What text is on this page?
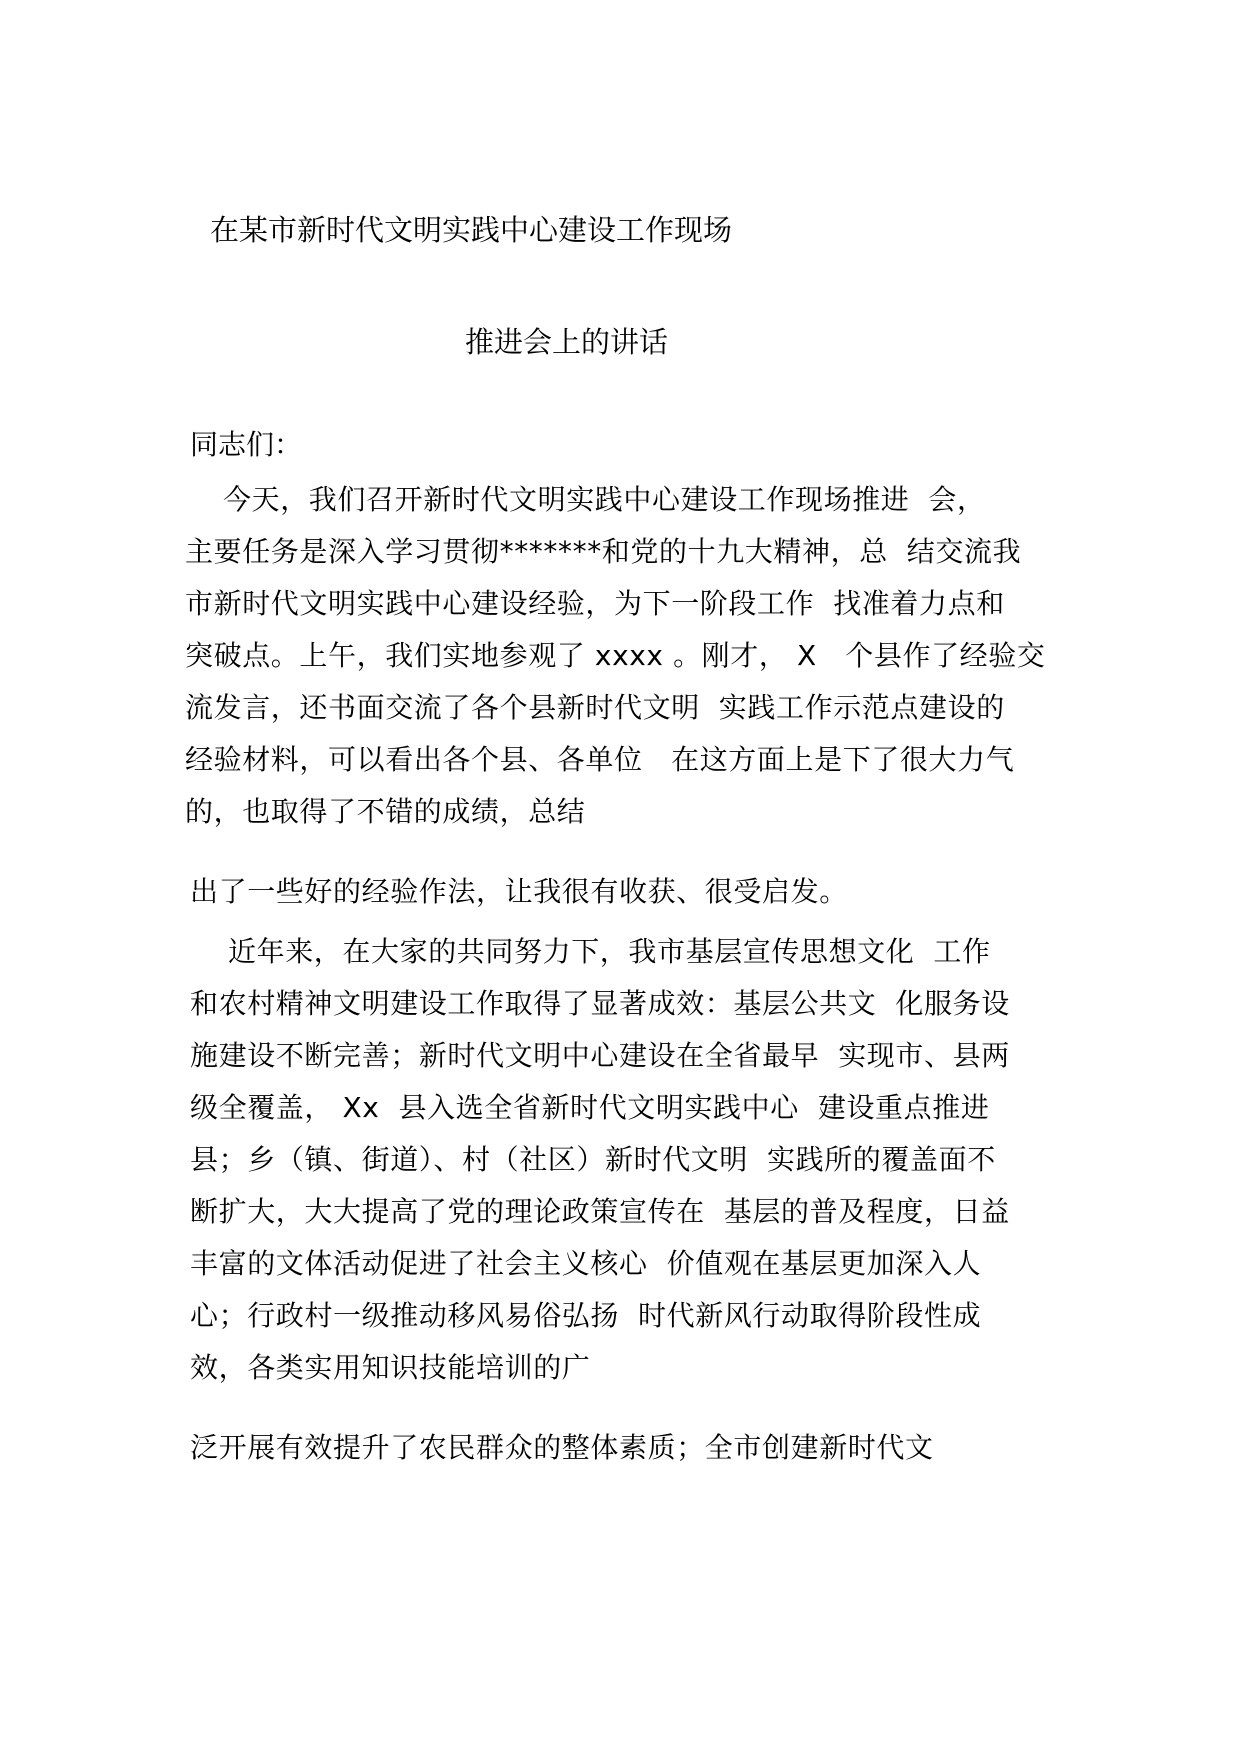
在某市新时代文明实践中心建设工作现场
推进会上的讲话
同志们：
今天，我们召开新时代文明实践中心建设工作现场推进  会，
主要任务是深入学习贯彻*******和党的十九大精神，总  结交流我
市新时代文明实践中心建设经验，为下一阶段工作  找准着力点和
突破点。上午，我们实地参观了 xxxx 。刚才， X   个县作了经验交
流发言，还书面交流了各个县新时代文明  实践工作示范点建设的
经验材料，可以看出各个县、各单位   在这方面上是下了很大力气
的，也取得了不错的成绩，总结
出了一些好的经验作法，让我很有收获、很受启发。
近年来，在大家的共同努力下，我市基层宣传思想文化  工作
和农村精神文明建设工作取得了显著成效：基层公共文  化服务设
施建设不断完善；新时代文明中心建设在全省最早  实现市、县两
级全覆盖， Xx  县入选全省新时代文明实践中心  建设重点推进
县；乡（镇、街道）、村（社区）新时代文明  实践所的覆盖面不
断扩大，大大提高了党的理论政策宣传在  基层的普及程度，日益
丰富的文体活动促进了社会主义核心  价值观在基层更加深入人
心；行政村一级推动移风易俗弘扬  时代新风行动取得阶段性成
效，各类实用知识技能培训的广
泛开展有效提升了农民群众的整体素质；全市创建新时代文
